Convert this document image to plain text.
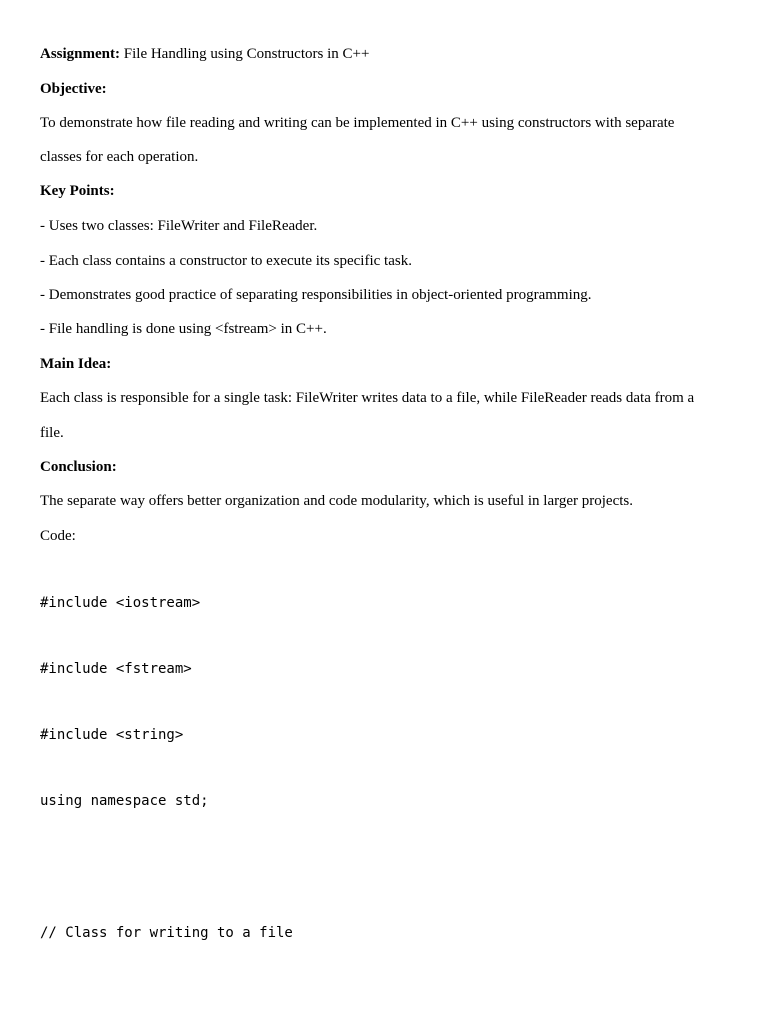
Assignment: File Handling using Constructors in C++
Objective:
To demonstrate how file reading and writing can be implemented in C++ using constructors with separate
classes for each operation.
Key Points:
- Uses two classes: FileWriter and FileReader.
- Each class contains a constructor to execute its specific task.
- Demonstrates good practice of separating responsibilities in object-oriented programming.
- File handling is done using <fstream> in C++.
Main Idea:
Each class is responsible for a single task: FileWriter writes data to a file, while FileReader reads data from a
file.
Conclusion:
The separate way offers better organization and code modularity, which is useful in larger projects.
Code:
#include <iostream>
#include <fstream>
#include <string>
using namespace std;
// Class for writing to a file
